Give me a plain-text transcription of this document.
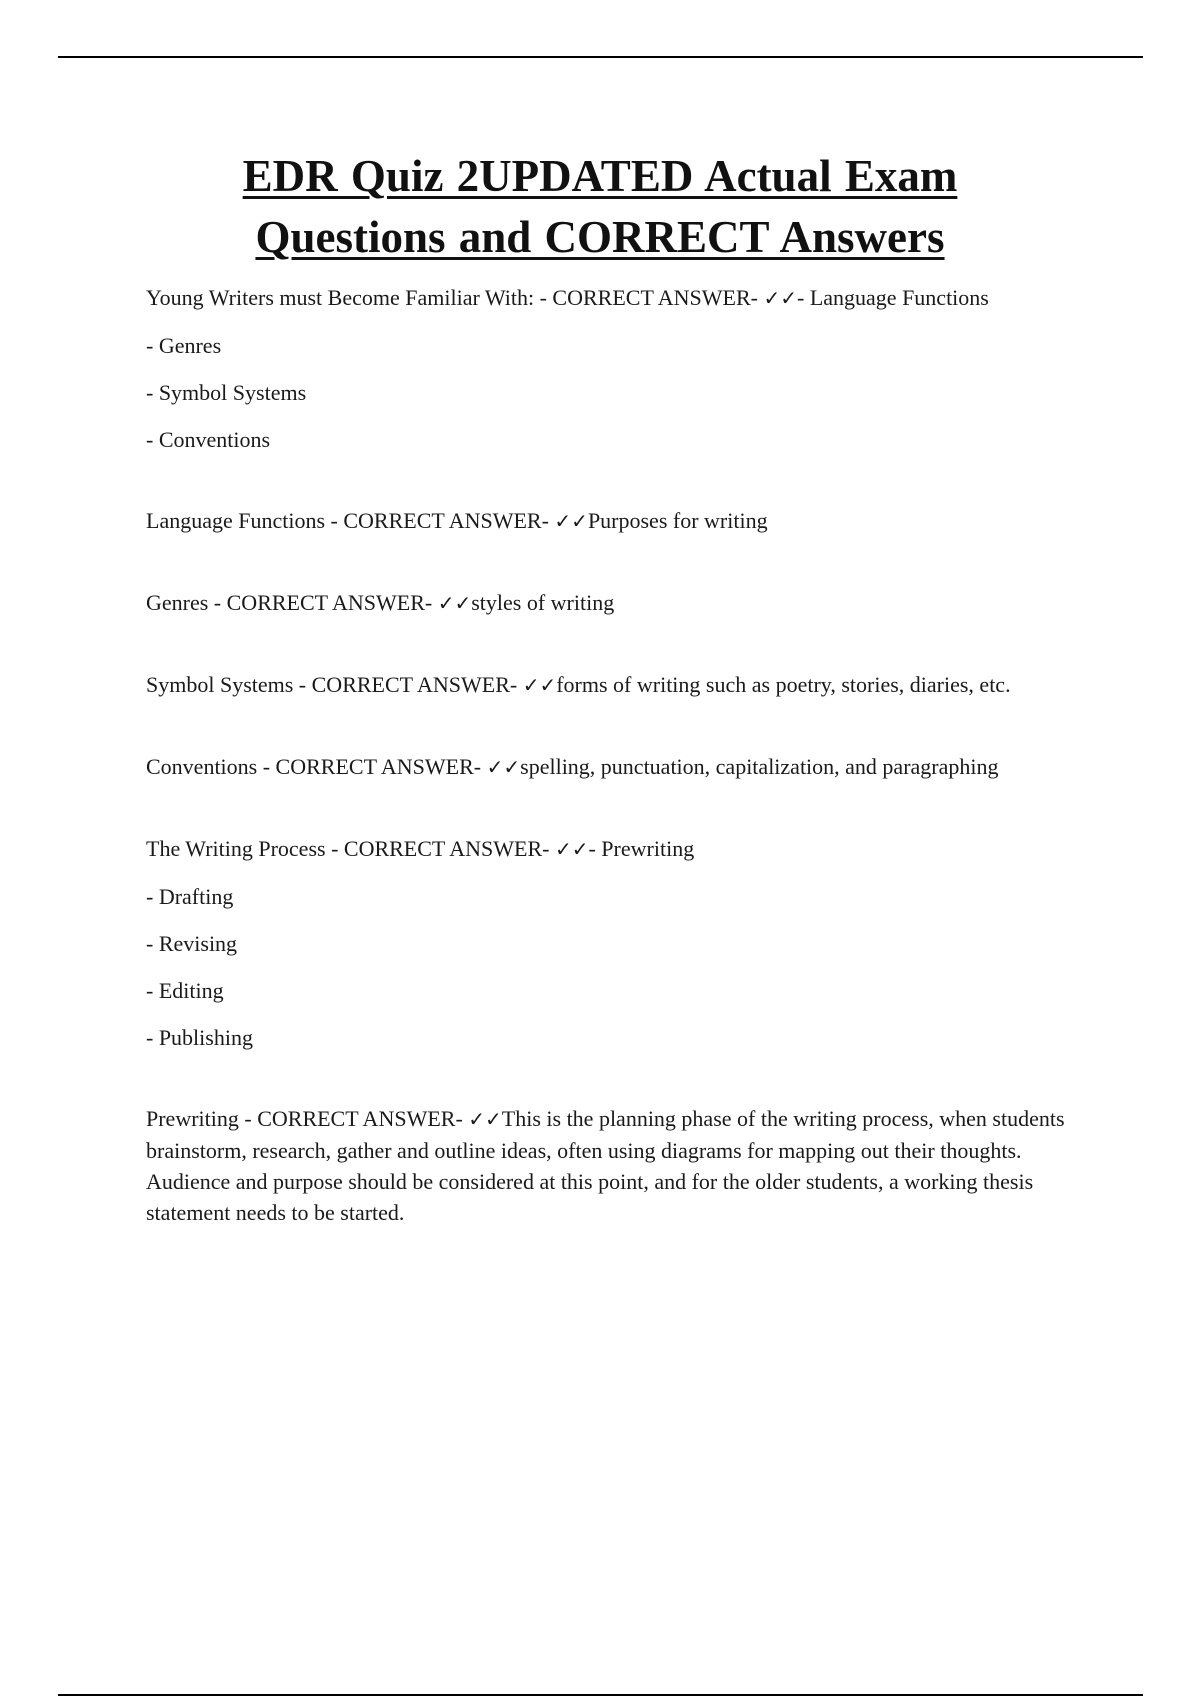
EDR Quiz 2UPDATED Actual Exam
Questions and CORRECT Answers

Young Writers must Become Familiar With: - CORRECT ANSWER- ✓✓- Language Functions

- Genres

- Symbol Systems

- Conventions

Language Functions - CORRECT ANSWER- ✓✓Purposes for writing

Genres - CORRECT ANSWER- ✓✓styles of writing

Symbol Systems - CORRECT ANSWER- ✓✓forms of writing such as poetry, stories, diaries, etc.

Conventions - CORRECT ANSWER- ✓✓spelling, punctuation, capitalization, and paragraphing

The Writing Process - CORRECT ANSWER- ✓✓- Prewriting

- Drafting

- Revising

- Editing

- Publishing

Prewriting - CORRECT ANSWER- ✓✓This is the planning phase of the writing process, when students brainstorm, research, gather and outline ideas, often using diagrams for mapping out their thoughts. Audience and purpose should be considered at this point, and for the older students, a working thesis statement needs to be started.
